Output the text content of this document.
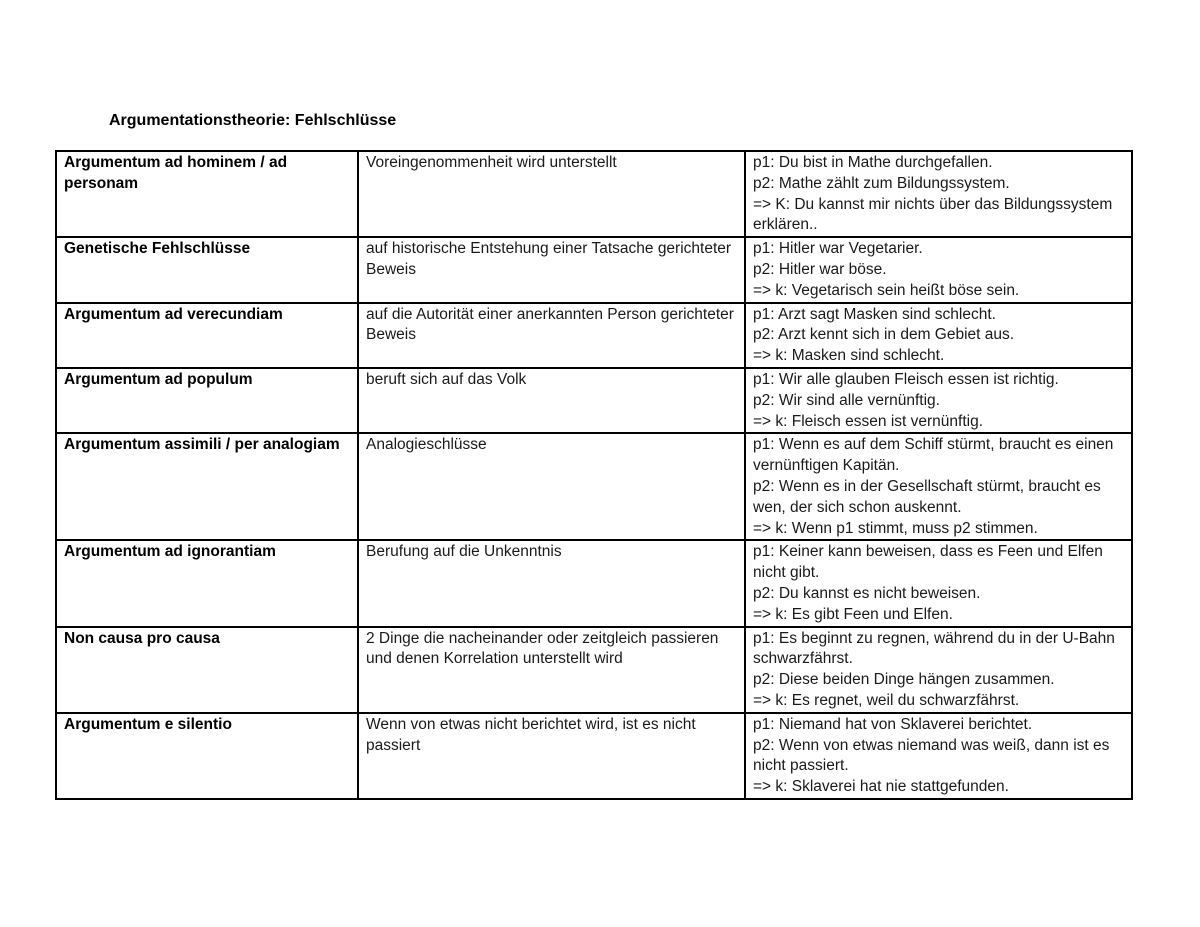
Argumentationstheorie: Fehlschlüsse
Argumentum ad hominem / ad personam	Voreingenommenheit wird unterstellt	p1: Du bist in Mathe durchgefallen.
p2: Mathe zählt zum Bildungssystem.
=> K: Du kannst mir nichts über das Bildungssystem erklären..

Genetische Fehlschlüsse	auf historische Entstehung einer Tatsache gerichteter Beweis	p1: Hitler war Vegetarier.
p2: Hitler war böse.
=> k: Vegetarisch sein heißt böse sein.

Argumentum ad verecundiam	auf die Autorität einer anerkannten Person gerichteter Beweis	p1: Arzt sagt Masken sind schlecht.
p2: Arzt kennt sich in dem Gebiet aus.
=> k: Masken sind schlecht.

Argumentum ad populum	beruft sich auf das Volk	p1: Wir alle glauben Fleisch essen ist richtig.
p2: Wir sind alle vernünftig.
=> k: Fleisch essen ist vernünftig.

Argumentum assimili / per analogiam	Analogieschlüsse	p1: Wenn es auf dem Schiff stürmt, braucht es einen vernünftigen Kapitän.
p2: Wenn es in der Gesellschaft stürmt, braucht es wen, der sich schon auskennt.
=> k: Wenn p1 stimmt, muss p2 stimmen.

Argumentum ad ignorantiam	Berufung auf die Unkenntnis	p1: Keiner kann beweisen, dass es Feen und Elfen nicht gibt.
p2: Du kannst es nicht beweisen.
=> k: Es gibt Feen und Elfen.

Non causa pro causa	2 Dinge die nacheinander oder zeitgleich passieren und denen Korrelation unterstellt wird	p1: Es beginnt zu regnen, während du in der U-Bahn schwarzfährst.
p2: Diese beiden Dinge hängen zusammen.
=> k: Es regnet, weil du schwarzfährst.

Argumentum e silentio	Wenn von etwas nicht berichtet wird, ist es nicht passiert	p1: Niemand hat von Sklaverei berichtet.
p2: Wenn von etwas niemand was weiß, dann ist es nicht passiert.
=> k: Sklaverei hat nie stattgefunden.
